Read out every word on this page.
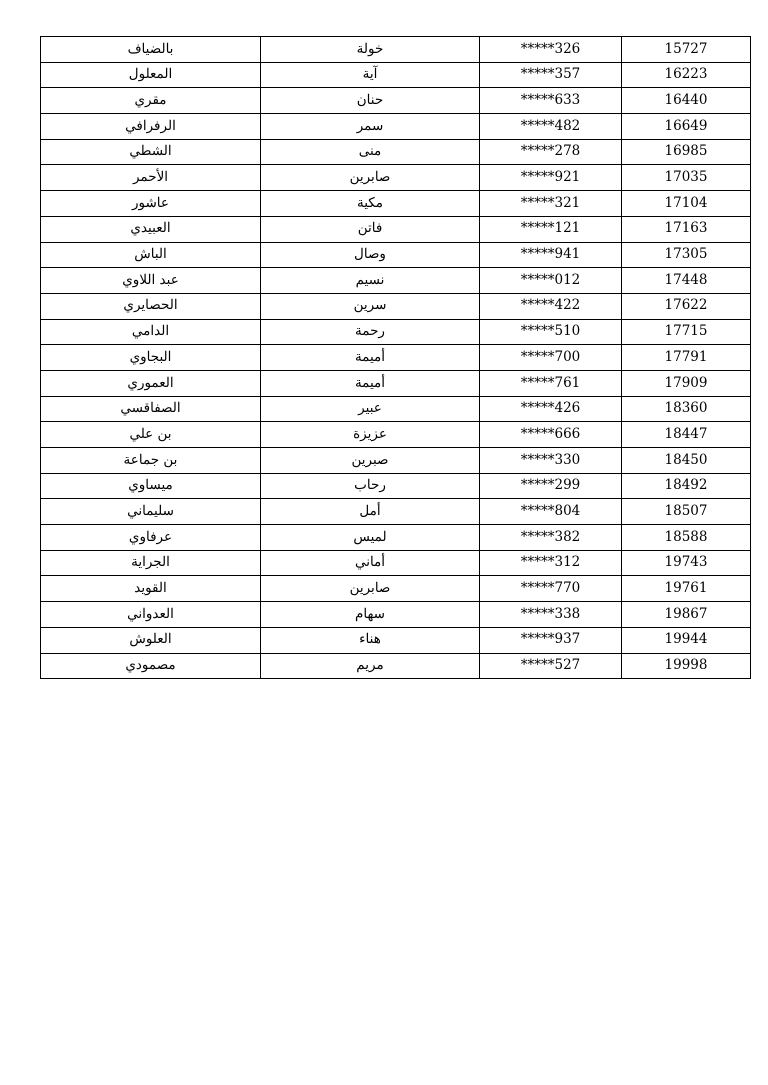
بالضياف	خولة	*****326	15727
المعلول	آية	*****357	16223
مقري	حنان	*****633	16440
الرفرافي	سمر	*****482	16649
الشطي	منى	*****278	16985
الأحمر	صابرين	*****921	17035
عاشور	مكية	*****321	17104
العبيدي	فاتن	*****121	17163
الباش	وصال	*****941	17305
عبد اللاوي	نسيم	*****012	17448
الحصايري	سرين	*****422	17622
الدامي	رحمة	*****510	17715
البجاوي	أميمة	*****700	17791
العموري	أميمة	*****761	17909
الصفاقسي	عبير	*****426	18360
بن علي	عزيزة	*****666	18447
بن جماعة	صبرين	*****330	18450
ميساوي	رحاب	*****299	18492
سليماني	أمل	*****804	18507
عرفاوي	لميس	*****382	18588
الجراية	أماني	*****312	19743
القويد	صابرين	*****770	19761
العدواني	سهام	*****338	19867
العلوش	هناء	*****937	19944
مصمودي	مريم	*****527	19998
